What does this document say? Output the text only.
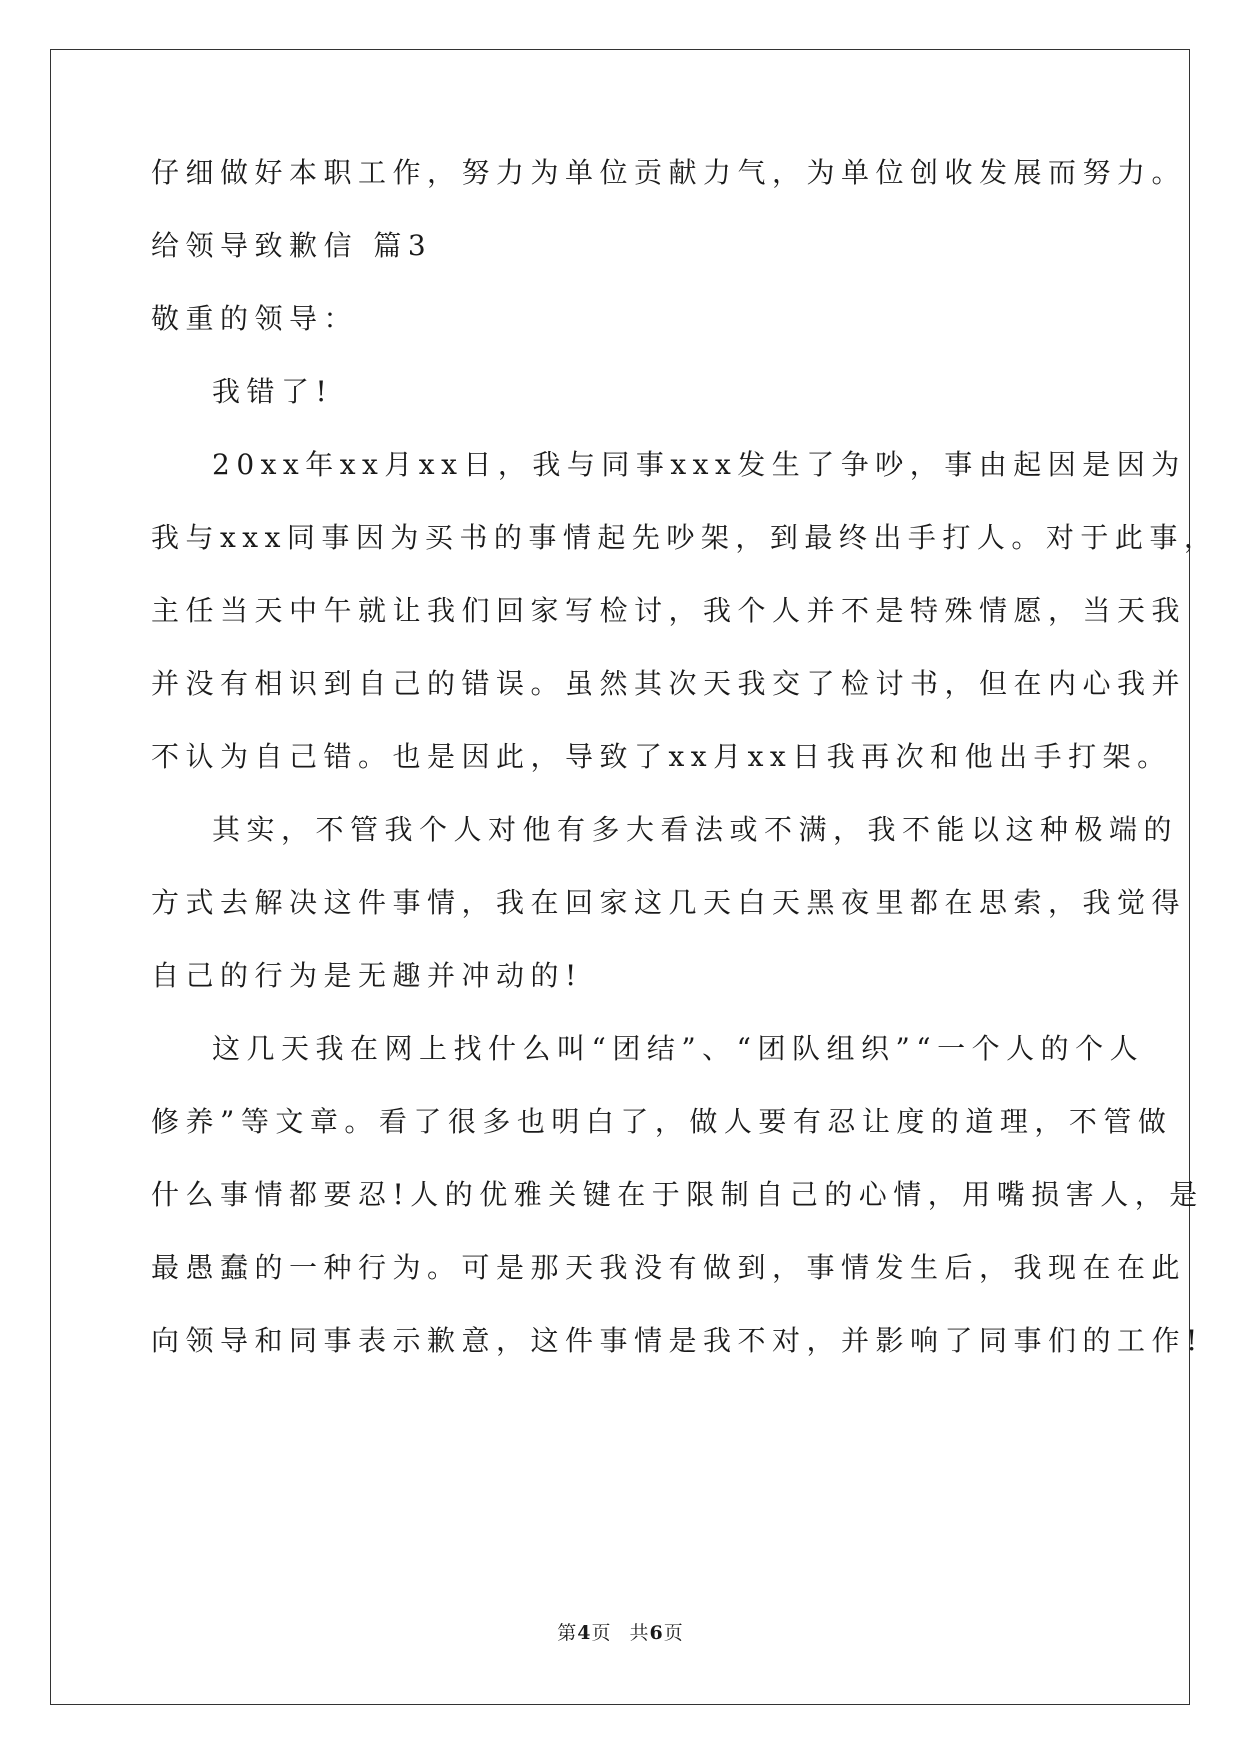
仔细做好本职工作，努力为单位贡献力气，为单位创收发展而努力。
给领导致歉信 篇3
敬重的领导：
我错了!
20xx年xx月xx日，我与同事xxx发生了争吵，事由起因是因为
我与xxx同事因为买书的事情起先吵架，到最终出手打人。对于此事，
主任当天中午就让我们回家写检讨，我个人并不是特殊情愿，当天我
并没有相识到自己的错误。虽然其次天我交了检讨书，但在内心我并
不认为自己错。也是因此，导致了xx月xx日我再次和他出手打架。
其实，不管我个人对他有多大看法或不满，我不能以这种极端的
方式去解决这件事情，我在回家这几天白天黑夜里都在思索，我觉得
自己的行为是无趣并冲动的!
这几天我在网上找什么叫“团结”、“团队组织”“一个人的个人
修养”等文章。看了很多也明白了，做人要有忍让度的道理，不管做
什么事情都要忍!人的优雅关键在于限制自己的心情，用嘴损害人，是
最愚蠢的一种行为。可是那天我没有做到，事情发生后，我现在在此
向领导和同事表示歉意，这件事情是我不对，并影响了同事们的工作!
第4页 共6页
